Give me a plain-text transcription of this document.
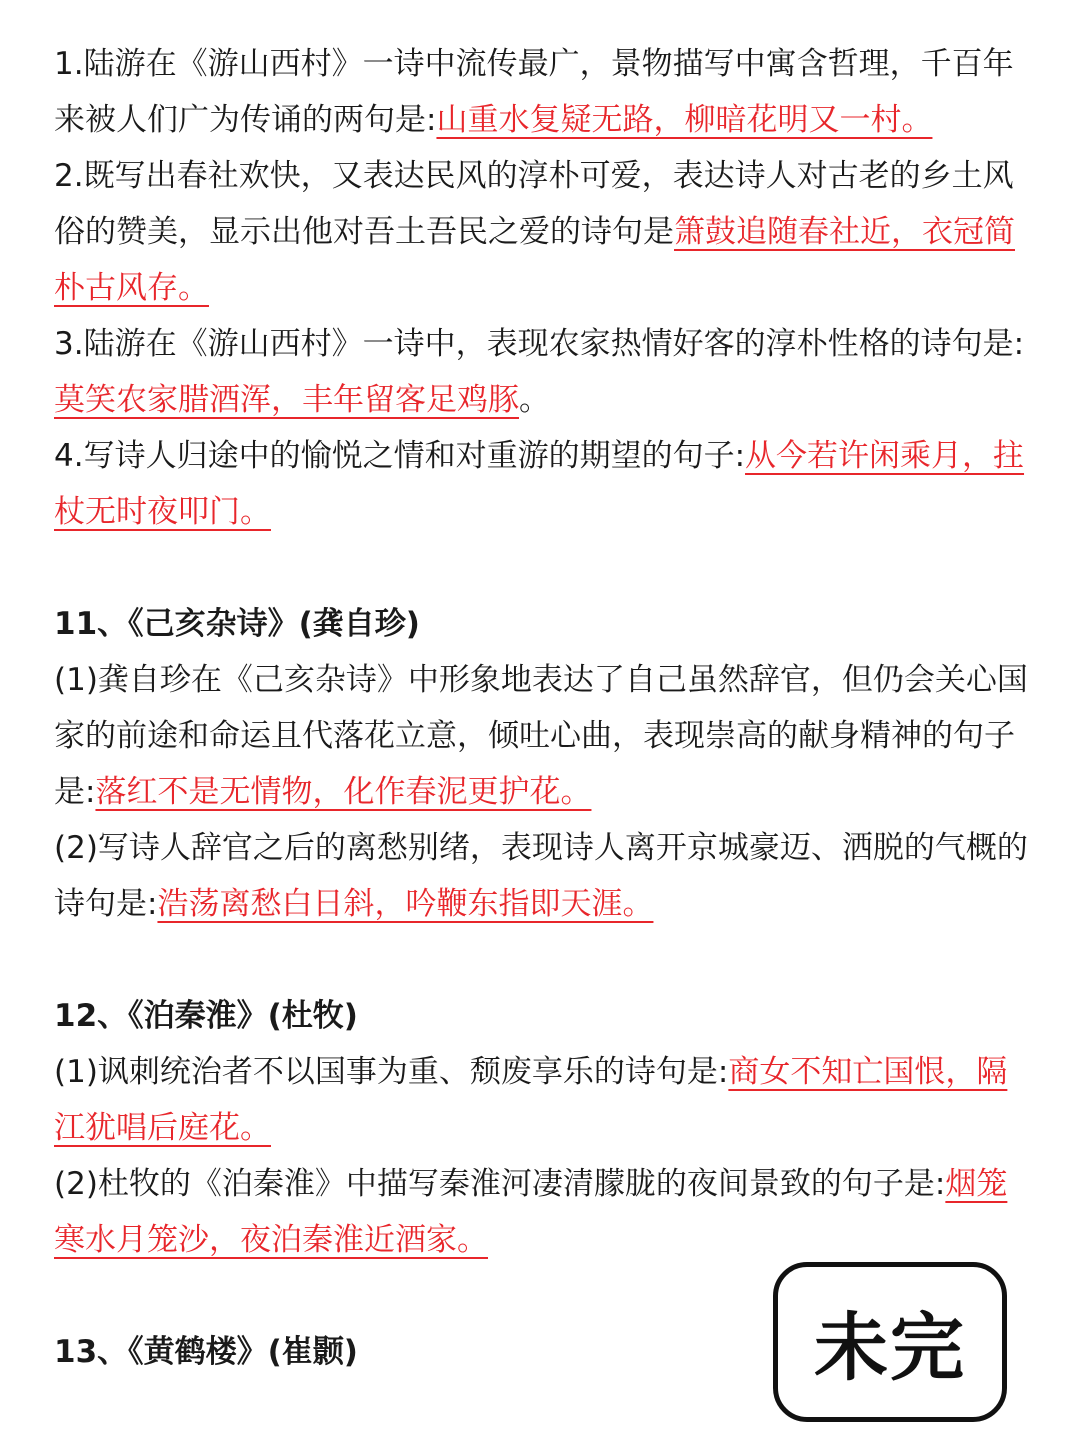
1.陆游在《游山西村》一诗中流传最广，景物描写中寓含哲理，千百年来被人们广为传诵的两句是:山重水复疑无路，柳暗花明又一村。

2.既写出春社欢快，又表达民风的淳朴可爱，表达诗人对古老的乡土风俗的赞美，显示出他对吾土吾民之爱的诗句是箫鼓追随春社近，衣冠简朴古风存。

3.陆游在《游山西村》一诗中，表现农家热情好客的淳朴性格的诗句是:莫笑农家腊酒浑，丰年留客足鸡豚。

4.写诗人归途中的愉悦之情和对重游的期望的句子:从今若许闲乘月，拄杖无时夜叩门。

11、《己亥杂诗》(龚自珍)

(1)龚自珍在《己亥杂诗》中形象地表达了自己虽然辞官，但仍会关心国家的前途和命运且代落花立意，倾吐心曲，表现崇高的献身精神的句子是:落红不是无情物，化作春泥更护花。

(2)写诗人辞官之后的离愁别绪，表现诗人离开京城豪迈、洒脱的气概的诗句是:浩荡离愁白日斜，吟鞭东指即天涯。

12、《泊秦淮》(杜牧)

(1)讽刺统治者不以国事为重、颓废享乐的诗句是:商女不知亡国恨，隔江犹唱后庭花。

(2)杜牧的《泊秦淮》中描写秦淮河凄清朦胧的夜间景致的句子是:烟笼寒水月笼沙，夜泊秦淮近酒家。

13、《黄鹤楼》(崔颢)	未完
